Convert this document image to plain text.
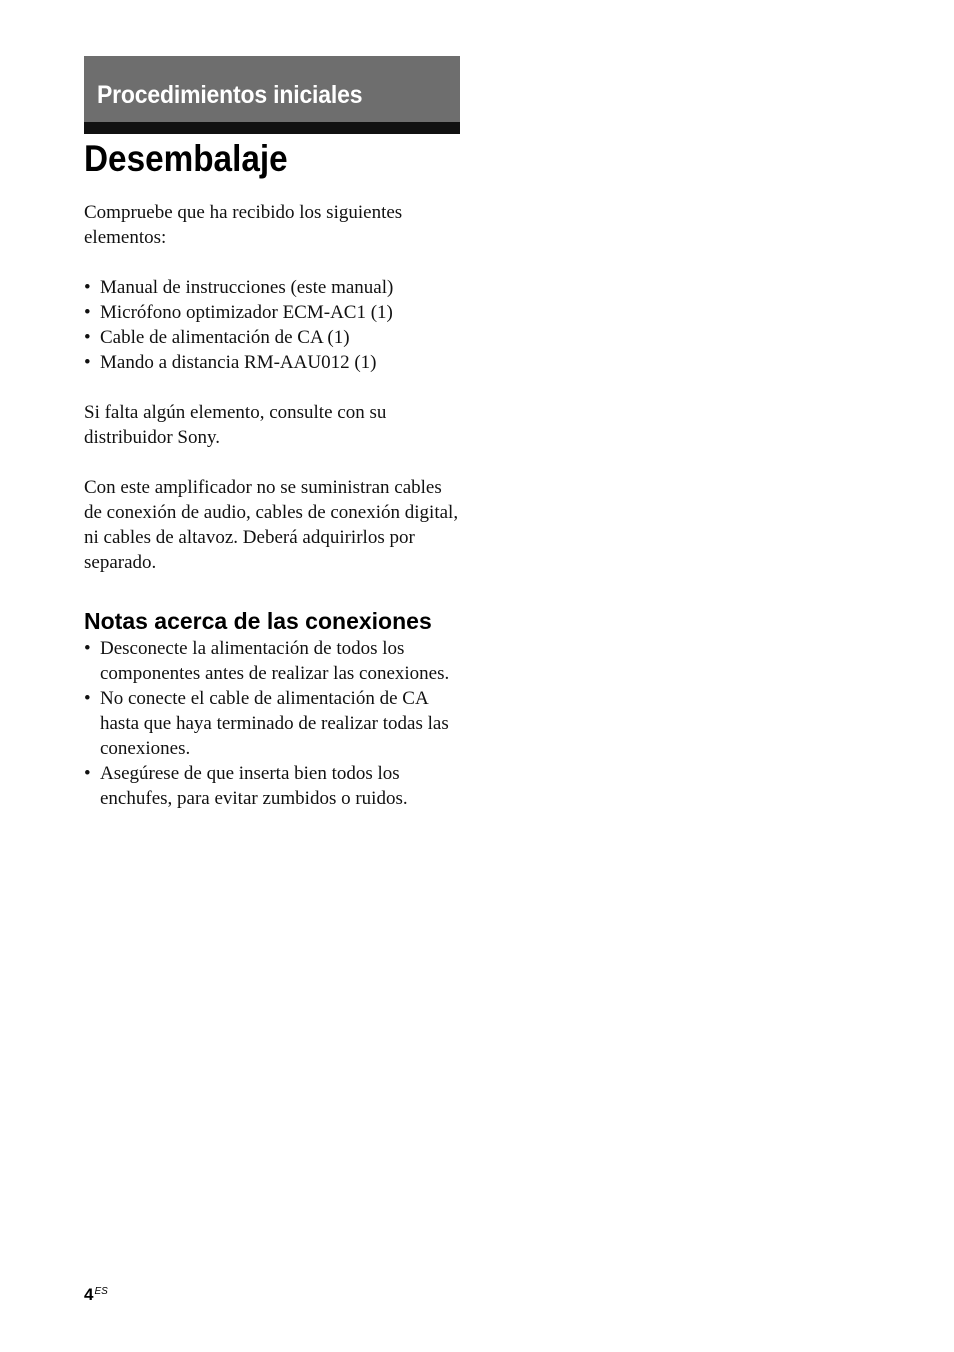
Procedimientos iniciales
Desembalaje

Compruebe que ha recibido los siguientes elementos:

• Manual de instrucciones (este manual)
• Micrófono optimizador ECM-AC1 (1)
• Cable de alimentación de CA (1)
• Mando a distancia RM-AAU012 (1)

Si falta algún elemento, consulte con su distribuidor Sony.

Con este amplificador no se suministran cables de conexión de audio, cables de conexión digital, ni cables de altavoz. Deberá adquirirlos por separado.

Notas acerca de las conexiones
• Desconecte la alimentación de todos los componentes antes de realizar las conexiones.
• No conecte el cable de alimentación de CA hasta que haya terminado de realizar todas las conexiones.
• Asegúrese de que inserta bien todos los enchufes, para evitar zumbidos o ruidos.
$4^{ES}$
